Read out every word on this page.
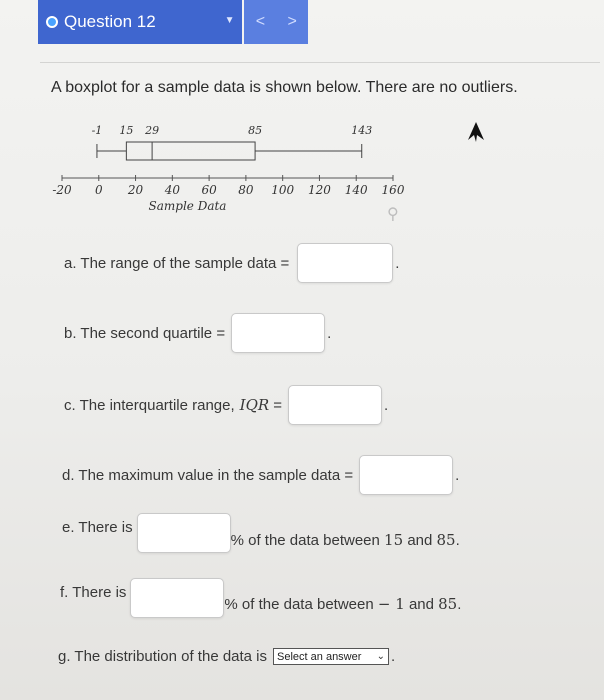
Question 12	▼ < >
A boxplot for a sample data is shown below. There are no outliers.
-1 15 29	85	143
-20 0 20 40 60 80 100 120 140 160
Sample Data	⚲
a. The range of the sample data =	.
b. The second quartile =	.
c. The interquartile range, IQR =	.
d. The maximum value in the sample data =	.
e. There is
% of the data between 15 and 85.
f. There is
% of the data between − 1 and 85.
g. The distribution of the data is Select an answer ⌄ .
